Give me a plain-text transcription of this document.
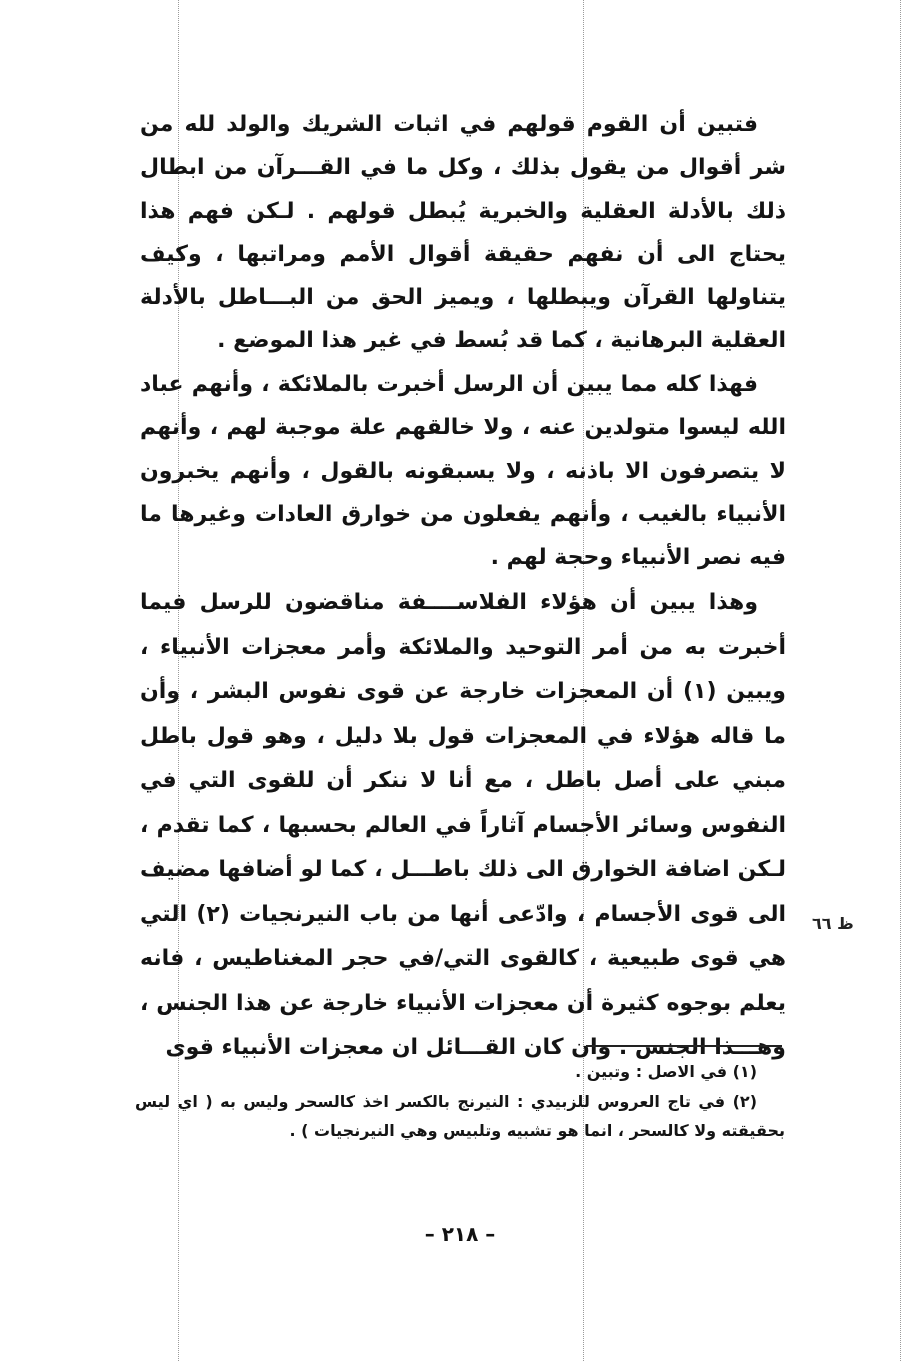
فتبين أن القوم قولهم في اثبات الشريك والولد لله من شر أقوال من يقول بذلك ، وكل ما في القـــرآن من ابطال ذلك بالأدلة العقلية والخبرية يُبطل قولهم . لـكن فهم هذا يحتاج الى أن نفهم حقيقة أقوال الأمم ومراتبها ، وكيف يتناولها القرآن ويبطلها ، ويميز الحق من البـــاطل بالأدلة العقلية البرهانية ، كما قد بُسط في غير هذا الموضع .

فهذا كله مما يبين أن الرسل أخبرت بالملائكة ، وأنهم عباد الله ليسوا متولدين عنه ، ولا خالقهم علة موجبة لهم ، وأنهم لا يتصرفون الا باذنه ، ولا يسبقونه بالقول ، وأنهم يخبرون الأنبياء بالغيب ، وأنهم يفعلون من خوارق العادات وغيرها ما فيه نصر الأنبياء وحجة لهم .

وهذا يبين أن هؤلاء الفلاســــفة مناقضون للرسل فيما أخبرت به من أمر التوحيد والملائكة وأمر معجزات الأنبياء ، ويبين (١) أن المعجزات خارجة عن قوى نفوس البشر ، وأن ما قاله هؤلاء في المعجزات قول بلا دليل ، وهو قول باطل مبني على أصل باطل ، مع أنا لا ننكر أن للقوى التي في النفوس وسائر الأجسام آثاراً في العالم بحسبها ، كما تقدم ، لـكن اضافة الخوارق الى ذلك باطـــل ، كما لو أضافها مضيف الى قوى الأجسام ، وادّعى أنها من باب النيرنجيات (٢) التي هي قوى طبيعية ، كالقوى التي/في حجر المغناطيس ، فانه يعلم بوجوه كثيرة أن معجزات الأنبياء خارجة عن هذا الجنس ، وهـــذا الجنس . وان كان القـــائل ان معجزات الأنبياء قوى

ظ ٦٦

(١) في الاصل : وتبين .

(٢) في تاج العروس للزبيدي : النيرنج بالكسر اخذ كالسحر وليس به ( اي ليس بحقيقته ولا كالسحر ، انما هو تشبيه وتلبيس وهي النيرنجيات ) .

– ٢١٨ –
